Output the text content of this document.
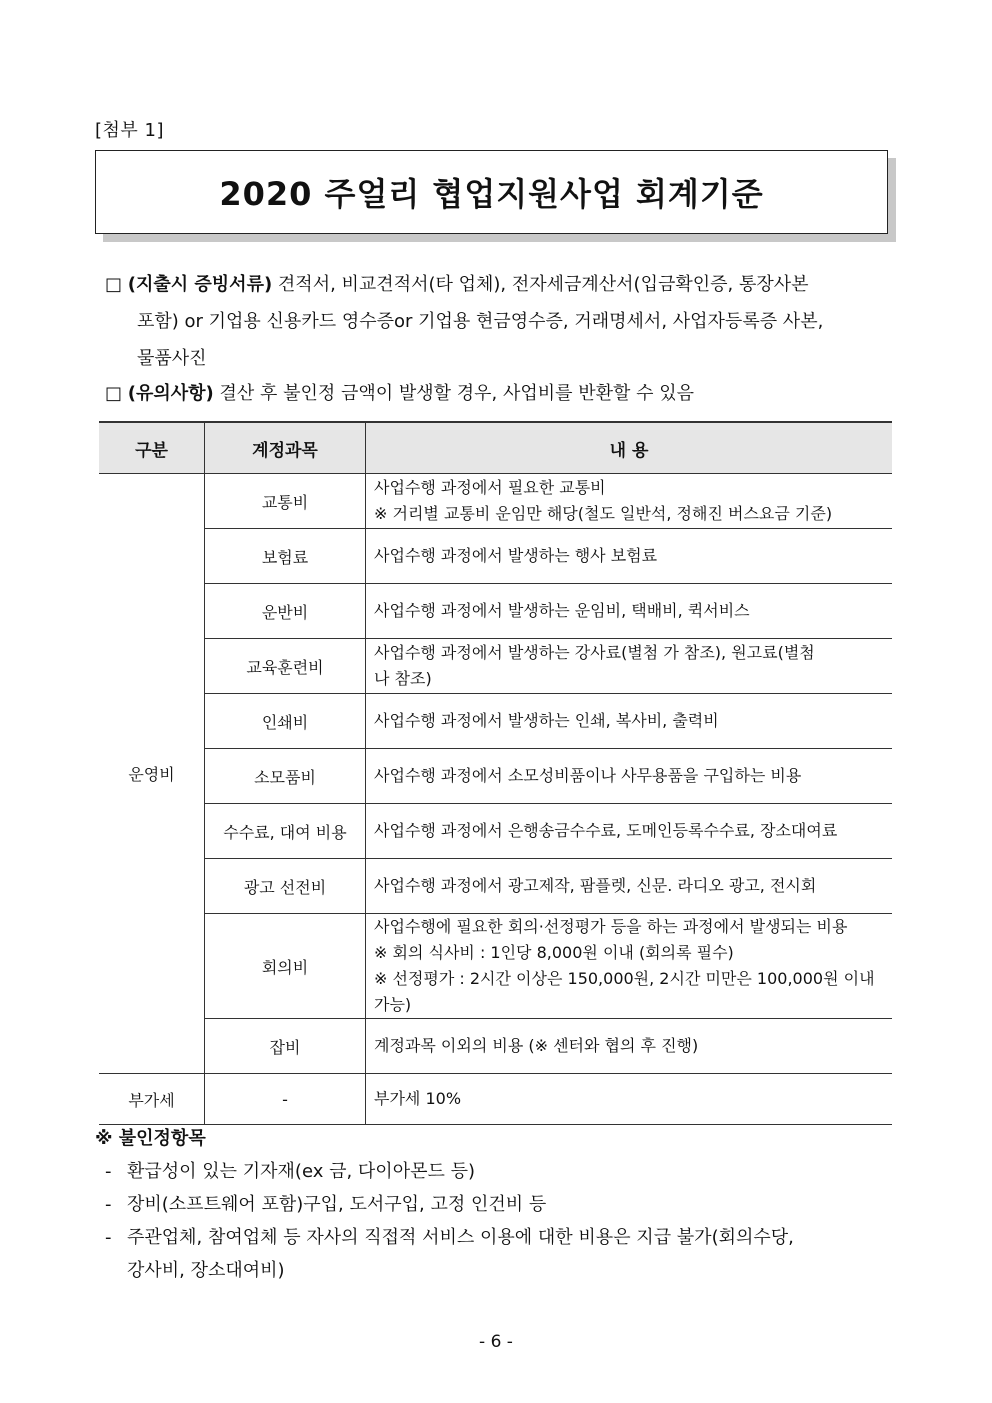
[첨부 1]
2020 주얼리 협업지원사업 회계기준
□ (지출시 증빙서류) 견적서, 비교견적서(타 업체), 전자세금계산서(입금확인증, 통장사본
포함) or 기업용 신용카드 영수증or 기업용 현금영수증, 거래명세서, 사업자등록증 사본,
물품사진
□ (유의사항) 결산 후 불인정 금액이 발생할 경우, 사업비를 반환할 수 있음
구분	계정과목	내 용
운영비	교통비	사업수행 과정에서 필요한 교통비
※ 거리별 교통비 운임만 해당(철도 일반석, 정해진 버스요금 기준)

	보험료	사업수행 과정에서 발생하는 행사 보험료

	운반비	사업수행 과정에서 발생하는 운임비, 택배비, 퀵서비스

	교육훈련비	사업수행 과정에서 발생하는 강사료(별첨 가 참조), 원고료(별첨
나 참조)

	인쇄비	사업수행 과정에서 발생하는 인쇄, 복사비, 출력비

	소모품비	사업수행 과정에서 소모성비품이나 사무용품을 구입하는 비용

	수수료, 대여 비용	사업수행 과정에서 은행송금수수료, 도메인등록수수료, 장소대여료

	광고 선전비	사업수행 과정에서 광고제작, 팜플렛, 신문. 라디오 광고, 전시회

	회의비	사업수행에 필요한 회의·선정평가 등을 하는 과정에서 발생되는 비용
※ 회의 식사비 : 1인당 8,000원 이내 (회의록 필수)
※ 선정평가 : 2시간 이상은 150,000원, 2시간 미만은 100,000원 이내 가능)

	잡비	계정과목 이외의 비용 (※ 센터와 협의 후 진행)

부가세	-	부가세 10%
※ 불인정항목
- 환급성이 있는 기자재(ex 금, 다이아몬드 등)
- 장비(소프트웨어 포함)구입, 도서구입, 고정 인건비 등
- 주관업체, 참여업체 등 자사의 직접적 서비스 이용에 대한 비용은 지급 불가(회의수당,
강사비, 장소대여비)
- 6 -
